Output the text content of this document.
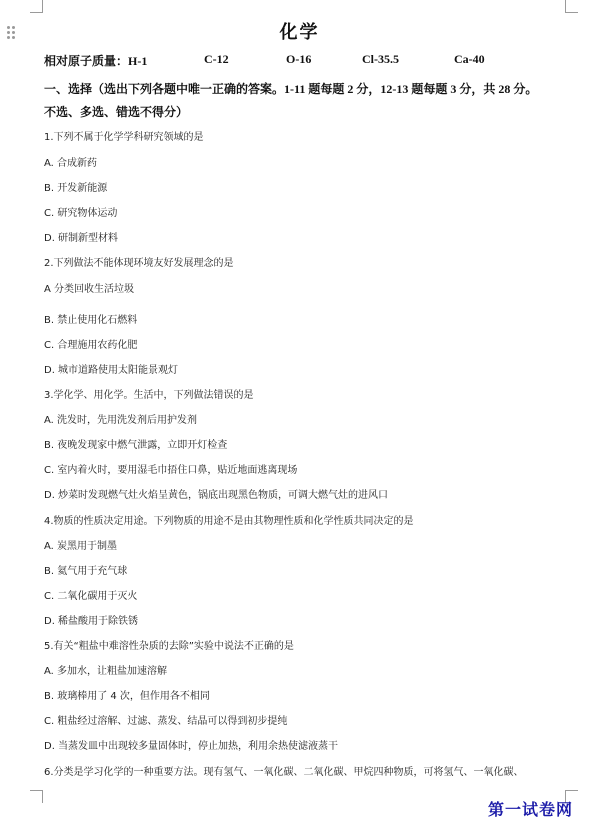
化学
相对原子质量：H-1	C-12	O-16	Cl-35.5	Ca-40
一、选择（选出下列各题中唯一正确的答案。1-11 题每题 2 分，12-13 题每题 3 分，共 28 分。
不选、多选、错选不得分）
1.下列不属于化学学科研究领域的是
A. 合成新药
B. 开发新能源
C. 研究物体运动
D. 研制新型材料
2.下列做法不能体现环境友好发展理念的是
A 分类回收生活垃圾
B. 禁止使用化石燃料
C. 合理施用农药化肥
D. 城市道路使用太阳能景观灯
3.学化学、用化学。生活中，下列做法错误的是
A. 洗发时，先用洗发剂后用护发剂
B. 夜晚发现家中燃气泄露，立即开灯检查
C. 室内着火时，要用湿毛巾捂住口鼻，贴近地面逃离现场
D. 炒菜时发现燃气灶火焰呈黄色，锅底出现黑色物质，可调大燃气灶的进风口
4.物质的性质决定用途。下列物质的用途不是由其物理性质和化学性质共同决定的是
A. 炭黑用于制墨
B. 氦气用于充气球
C. 二氧化碳用于灭火
D. 稀盐酸用于除铁锈
5.有关“粗盐中难溶性杂质的去除”实验中说法不正确的是
A. 多加水，让粗盐加速溶解
B. 玻璃棒用了 4 次，但作用各不相同
C. 粗盐经过溶解、过滤、蒸发、结晶可以得到初步提纯
D. 当蒸发皿中出现较多量固体时，停止加热，利用余热使滤液蒸干
6.分类是学习化学的一种重要方法。现有氢气、一氧化碳、二氧化碳、甲烷四种物质，可将氢气、一氧化碳、
第一试卷网
